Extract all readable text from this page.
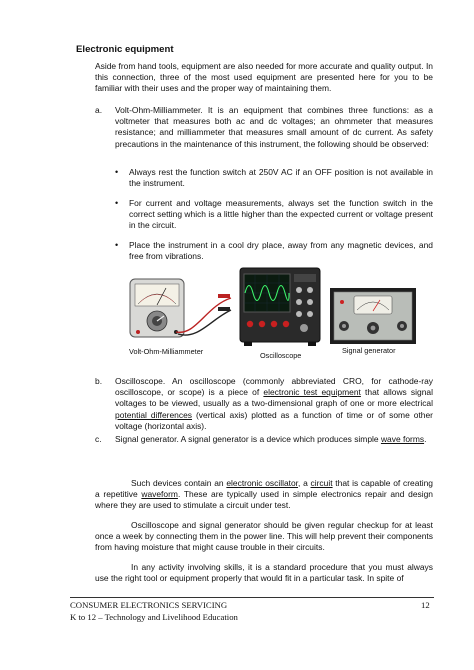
Electronic equipment

Aside from hand tools, equipment are also needed for more accurate and quality output. In this connection, three of the most used equipment are presented here for you to be familiar with their uses and the proper way of maintaining them.

a. Volt-Ohm-Milliammeter. It is an equipment that combines three functions: as a voltmeter that measures both ac and dc voltages; an ohmmeter that measures resistance; and milliammeter that measures small amount of dc current. As safety precautions in the maintenance of this instrument, the following should be observed:

• Always rest the function switch at 250V AC if an OFF position is not available in the instrument.

• For current and voltage measurements, always set the function switch in the correct setting which is a little higher than the expected current or voltage present in the circuit.

• Place the instrument in a cool dry place, away from any magnetic devices, and free from vibrations.

Volt-Ohm-Milliammeter	Oscilloscope
Signal generator
b. Oscilloscope. An oscilloscope (commonly abbreviated CRO, for cathode-ray oscilloscope, or scope) is a piece of electronic test equipment that allows signal voltages to be viewed, usually as a two-dimensional graph of one or more electrical potential differences (vertical axis) plotted as a function of time or of some other voltage (horizontal axis).

c. Signal generator. A signal generator is a device which produces simple wave forms.

Such devices contain an electronic oscillator, a circuit that is capable of creating a repetitive waveform. These are typically used in simple electronics repair and design where they are used to stimulate a circuit under test.

Oscilloscope and signal generator should be given regular checkup for at least once a week by connecting them in the power line. This will help prevent their components from having moisture that might cause trouble in their circuits.

In any activity involving skills, it is a standard procedure that you must always use the right tool or equipment properly that would fit in a particular task. In spite of

CONSUMER ELECTRONICS SERVICING
K to 12 – Technology and Livelihood Education
12
